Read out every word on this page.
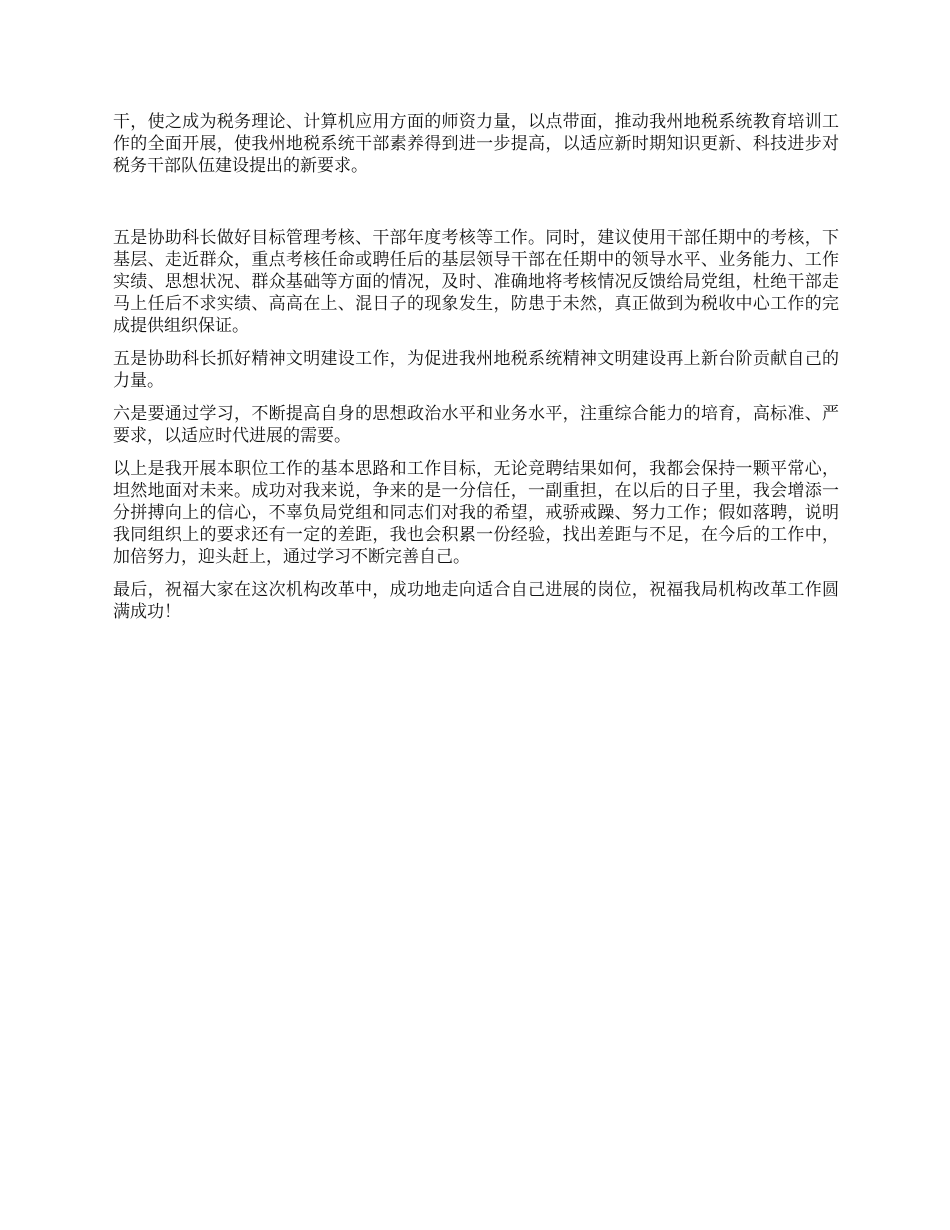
干，使之成为税务理论、计算机应用方面的师资力量，以点带面，推动我州地税系统教育培训工作的全面开展，使我州地税系统干部素养得到进一步提高，以适应新时期知识更新、科技进步对税务干部队伍建设提出的新要求。

五是协助科长做好目标管理考核、干部年度考核等工作。同时，建议使用干部任期中的考核，下基层、走近群众，重点考核任命或聘任后的基层领导干部在任期中的领导水平、业务能力、工作实绩、思想状况、群众基础等方面的情况，及时、准确地将考核情况反馈给局党组，杜绝干部走马上任后不求实绩、高高在上、混日子的现象发生，防患于未然，真正做到为税收中心工作的完成提供组织保证。

五是协助科长抓好精神文明建设工作，为促进我州地税系统精神文明建设再上新台阶贡献自己的力量。

六是要通过学习，不断提高自身的思想政治水平和业务水平，注重综合能力的培育，高标准、严要求，以适应时代进展的需要。

以上是我开展本职位工作的基本思路和工作目标，无论竞聘结果如何，我都会保持一颗平常心，坦然地面对未来。成功对我来说，争来的是一分信任，一副重担，在以后的日子里，我会增添一分拼搏向上的信心，不辜负局党组和同志们对我的希望，戒骄戒躁、努力工作；假如落聘，说明我同组织上的要求还有一定的差距，我也会积累一份经验，找出差距与不足，在今后的工作中，加倍努力，迎头赶上，通过学习不断完善自己。

最后，祝福大家在这次机构改革中，成功地走向适合自己进展的岗位，祝福我局机构改革工作圆满成功！
